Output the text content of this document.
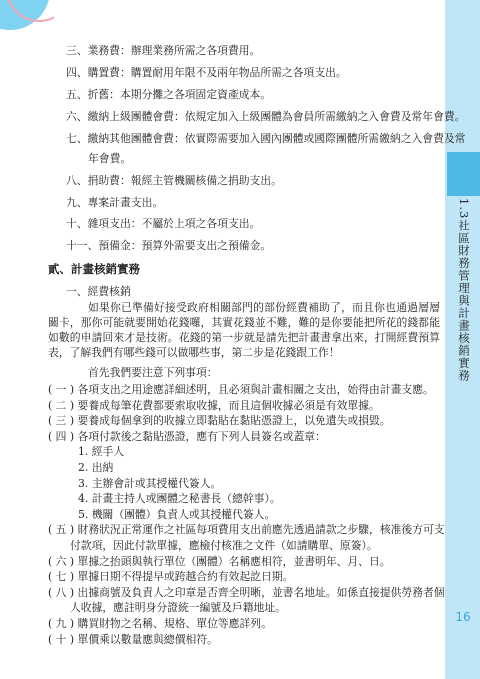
1.3社區財務管理與計畫核銷實務
16
三、業務費：辦理業務所需之各項費用。
四、購置費：購置耐用年限不及兩年物品所需之各項支出。
五、折舊：本期分攤之各項固定資產成本。
六、繳納上級團體會費：依規定加入上級團體為會員所需繳納之入會費及常年會費。
七、繳納其他團體會費：依實際需要加入國內團體或國際團體所需繳納之入會費及常
年會費。
八、捐助費：報經主管機關核備之捐助支出。
九、專案計畫支出。
十、雜項支出：不屬於上項之各項支出。
十一、預備金：預算外需要支出之預備金。
貳、計畫核銷實務
一、經費核銷
如果你已準備好接受政府相關部門的部份經費補助了，而且你也通過層層關卡，那你可能就要開始花錢囉，其實花錢並不難，難的是你要能把所花的錢都能如數的申請回來才是技術。花錢的第一步就是請先把計畫書拿出來，打開經費預算表，了解我們有哪些錢可以做哪些事，第二步是花錢跟工作！
首先我們要注意下列事項：
( 一 ) 各項支出之用途應詳細述明，且必須與計畫相關之支出，始得由計畫支應。
( 二 ) 要養成每筆花費都要索取收據，而且這個收據必須是有效單據。
( 三 ) 要養成每個拿到的收據立即黏貼在黏貼憑證上，以免遺失或損毀。
( 四 ) 各項付款後之黏貼憑證，應有下列人員簽名或蓋章：
1. 經手人
2. 出納
3. 主辦會計或其授權代簽人。
4. 計畫主持人或團體之秘書長（總幹事）。
5. 機關（團體）負責人或其授權代簽人。
( 五 ) 財務狀況正常運作之社區每項費用支出前應先透過請款之步驟，核准後方可支
付款項，因此付款單據，應檢付核准之文件（如請購單、原簽）。
( 六 ) 單據之抬頭與執行單位（團體）名稱應相符，並書明年、月、日。
( 七 ) 單據日期不得提早或跨越合約有效起訖日期。
( 八 ) 出據商號及負責人之印章是否齊全明晰，並書名地址。如係直接提供勞務者個
人收據，應註明身分證統一編號及戶籍地址。
( 九 ) 購買財物之名稱、規格、單位等應詳列。
( 十 ) 單價乘以數量應與總價相符。
